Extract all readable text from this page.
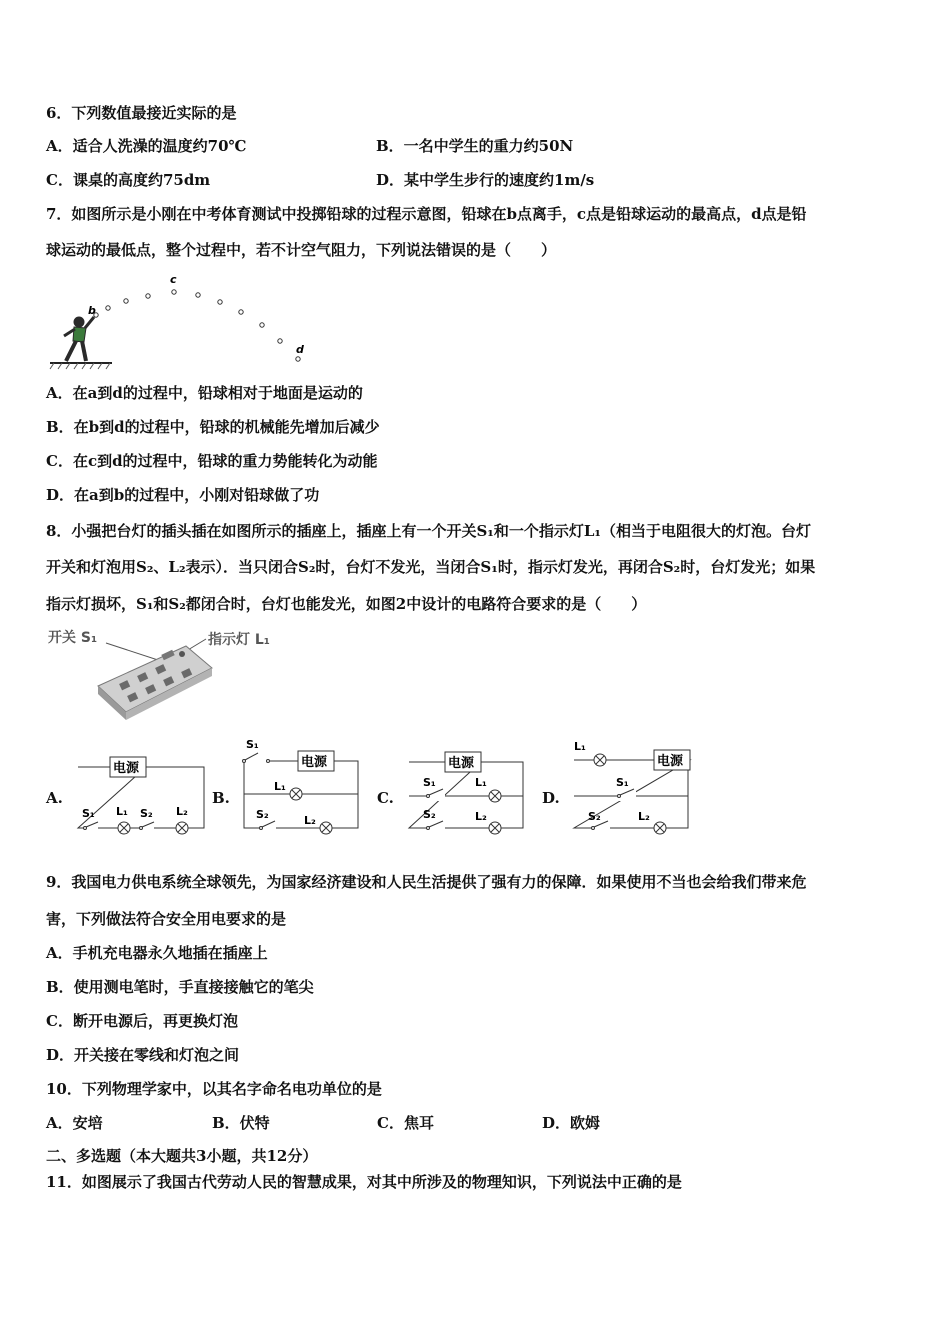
6．下列数值最接近实际的是
A．适合人洗澡的温度约70℃	B．一名中学生的重力约50N
C．课桌的高度约75dm	D．某中学生步行的速度约1m/s
7．如图所示是小刚在中考体育测试中投掷铅球的过程示意图，铅球在b点离手，c点是铅球运动的最高点，d点是铅
球运动的最低点，整个过程中，若不计空气阻力，下列说法错误的是（　　）
b
c
d
A．在a到d的过程中，铅球相对于地面是运动的
B．在b到d的过程中，铅球的机械能先增加后减少
C．在c到d的过程中，铅球的重力势能转化为动能
D．在a到b的过程中，小刚对铅球做了功
8．小强把台灯的插头插在如图所示的插座上，插座上有一个开关S₁和一个指示灯L₁（相当于电阻很大的灯泡。台灯
开关和灯泡用S₂、L₂表示）．当只闭合S₂时，台灯不发光，当闭合S₁时，指示灯发光，再闭合S₂时，台灯发光；如果
指示灯损坏，S₁和S₂都闭合时，台灯也能发光，如图2中设计的电路符合要求的是（　　）
开关 S₁	指示灯 L₁
A.	B.	C.	D.
电源
S₁ L₁ S₂ L₂
电源
S₁
L₁
S₂	L₂
电源
S₁	L₁
S₂	L₂
电源
L₁
S₁
S₂	L₂
9．我国电力供电系统全球领先，为国家经济建设和人民生活提供了强有力的保障．如果使用不当也会给我们带来危
害，下列做法符合安全用电要求的是
A．手机充电器永久地插在插座上
B．使用测电笔时，手直接接触它的笔尖
C．断开电源后，再更换灯泡
D．开关接在零线和灯泡之间
10．下列物理学家中，以其名字命名电功单位的是
A．安培	B．伏特	C．焦耳	D．欧姆
二、多选题（本大题共3小题，共12分）
11．如图展示了我国古代劳动人民的智慧成果，对其中所涉及的物理知识，下列说法中正确的是
